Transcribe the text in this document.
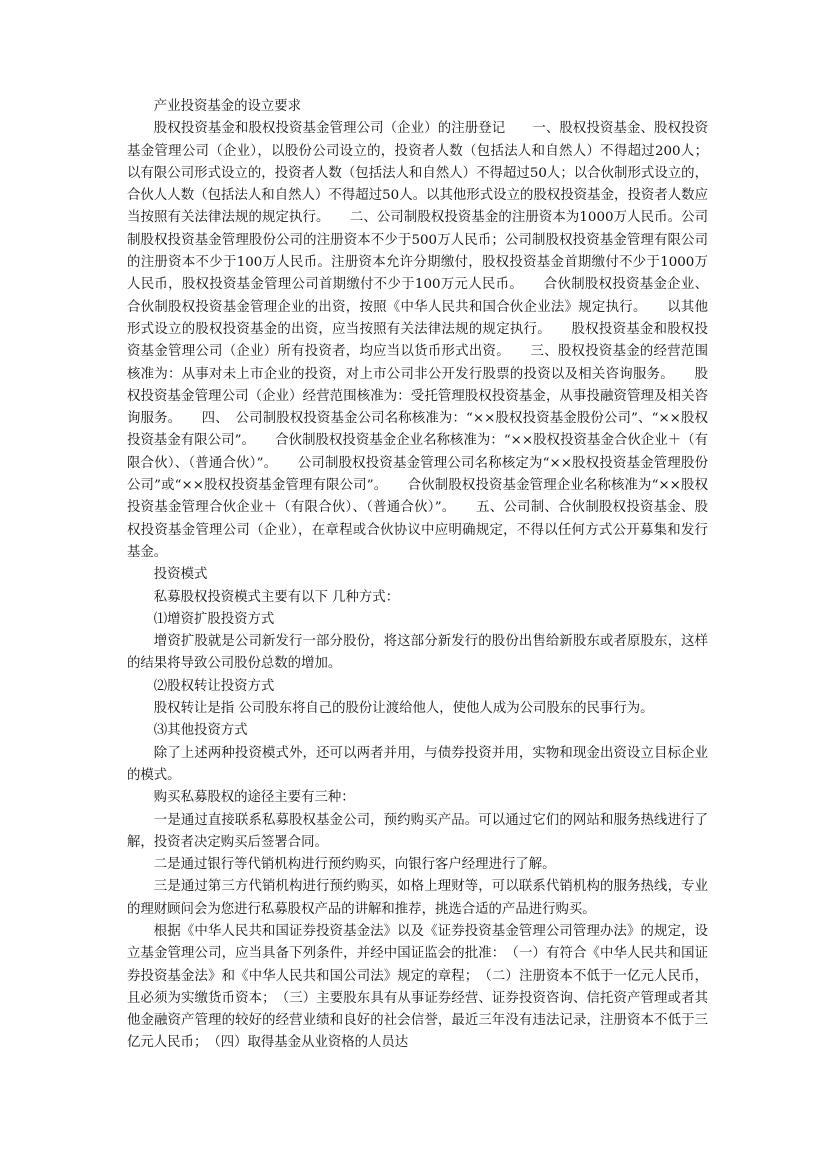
产业投资基金的设立要求

股权投资基金和股权投资基金管理公司（企业）的注册登记　　一、股权投资基金、股权投资基金管理公司（企业），以股份公司设立的，投资者人数（包括法人和自然人）不得超过200人；以有限公司形式设立的，投资者人数（包括法人和自然人）不得超过50人；以合伙制形式设立的，合伙人人数（包括法人和自然人）不得超过50人。以其他形式设立的股权投资基金，投资者人数应当按照有关法律法规的规定执行。　　二、公司制股权投资基金的注册资本为1000万人民币。公司制股权投资基金管理股份公司的注册资本不少于500万人民币；公司制股权投资基金管理有限公司的注册资本不少于100万人民币。注册资本允许分期缴付，股权投资基金首期缴付不少于1000万人民币，股权投资基金管理公司首期缴付不少于100万元人民币。　　合伙制股权投资基金企业、合伙制股权投资基金管理企业的出资，按照《中华人民共和国合伙企业法》规定执行。　　以其他形式设立的股权投资基金的出资，应当按照有关法律法规的规定执行。　　股权投资基金和股权投资基金管理公司（企业）所有投资者，均应当以货币形式出资。　　三、股权投资基金的经营范围核准为：从事对未上市企业的投资，对上市公司非公开发行股票的投资以及相关咨询服务。　　股权投资基金管理公司（企业）经营范围核准为：受托管理股权投资基金，从事投融资管理及相关咨询服务。　　四、　公司制股权投资基金公司名称核准为：“××股权投资基金股份公司”、“××股权投资基金有限公司”。　　合伙制股权投资基金企业名称核准为：“××股权投资基金合伙企业＋（有限合伙）、（普通合伙）”。　　公司制股权投资基金管理公司名称核定为“××股权投资基金管理股份公司”或“××股权投资基金管理有限公司”。　　合伙制股权投资基金管理企业名称核准为“××股权投资基金管理合伙企业＋（有限合伙）、（普通合伙）”。　　五、公司制、合伙制股权投资基金、股权投资基金管理公司（企业），在章程或合伙协议中应明确规定，不得以任何方式公开募集和发行基金。

投资模式

私募股权投资模式主要有以下 几种方式：

⑴增资扩股投资方式

增资扩股就是公司新发行一部分股份，将这部分新发行的股份出售给新股东或者原股东，这样的结果将导致公司股份总数的增加。

⑵股权转让投资方式

股权转让是指 公司股东将自己的股份让渡给他人，使他人成为公司股东的民事行为。

⑶其他投资方式

除了上述两种投资模式外，还可以两者并用，与债券投资并用，实物和现金出资设立目标企业的模式。

购买私募股权的途径主要有三种：

一是通过直接联系私募股权基金公司，预约购买产品。可以通过它们的网站和服务热线进行了解，投资者决定购买后签署合同。

二是通过银行等代销机构进行预约购买，向银行客户经理进行了解。

三是通过第三方代销机构进行预约购买，如格上理财等，可以联系代销机构的服务热线，专业的理财顾问会为您进行私募股权产品的讲解和推荐，挑选合适的产品进行购买。

根据《中华人民共和国证券投资基金法》以及《证券投资基金管理公司管理办法》的规定，设立基金管理公司，应当具备下列条件，并经中国证监会的批准：　（一）有符合《中华人民共和国证券投资基金法》和《中华人民共和国公司法》规定的章程；　（二）注册资本不低于一亿元人民币，且必须为实缴货币资本；　（三）主要股东具有从事证券经营、证券投资咨询、信托资产管理或者其他金融资产管理的较好的经营业绩和良好的社会信誉，最近三年没有违法记录，注册资本不低于三亿元人民币；　（四）取得基金从业资格的人员达
